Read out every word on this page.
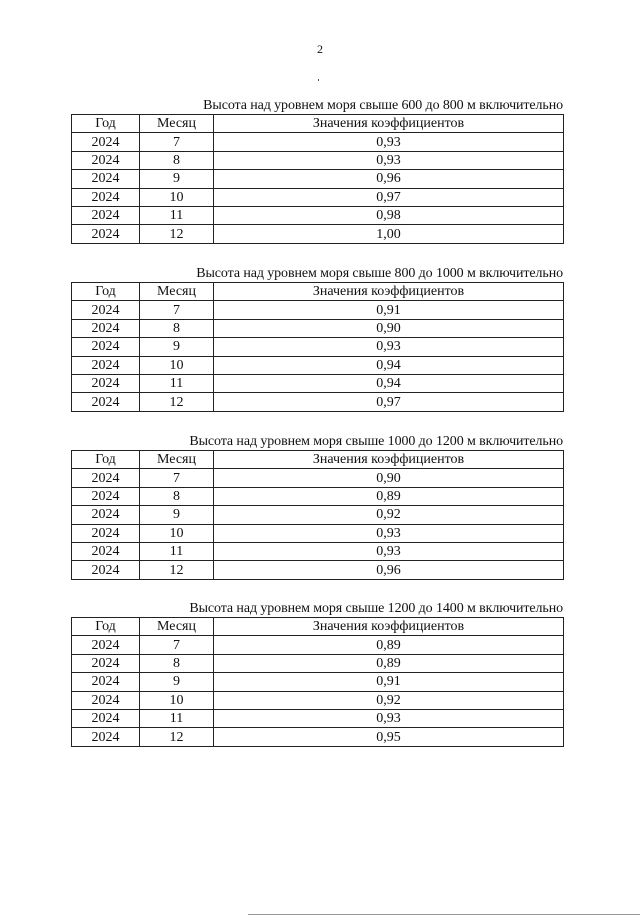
2
Высота над уровнем моря свыше 600 до 800 м включительно
Год	Месяц	Значения коэффициентов
2024	7	0,93
2024	8	0,93
2024	9	0,96
2024	10	0,97
2024	11	0,98
2024	12	1,00
Высота над уровнем моря свыше 800 до 1000 м включительно
Год	Месяц	Значения коэффициентов
2024	7	0,91
2024	8	0,90
2024	9	0,93
2024	10	0,94
2024	11	0,94
2024	12	0,97
Высота над уровнем моря свыше 1000 до 1200 м включительно
Год	Месяц	Значения коэффициентов
2024	7	0,90
2024	8	0,89
2024	9	0,92
2024	10	0,93
2024	11	0,93
2024	12	0,96
Высота над уровнем моря свыше 1200 до 1400 м включительно
Год	Месяц	Значения коэффициентов
2024	7	0,89
2024	8	0,89
2024	9	0,91
2024	10	0,92
2024	11	0,93
2024	12	0,95
